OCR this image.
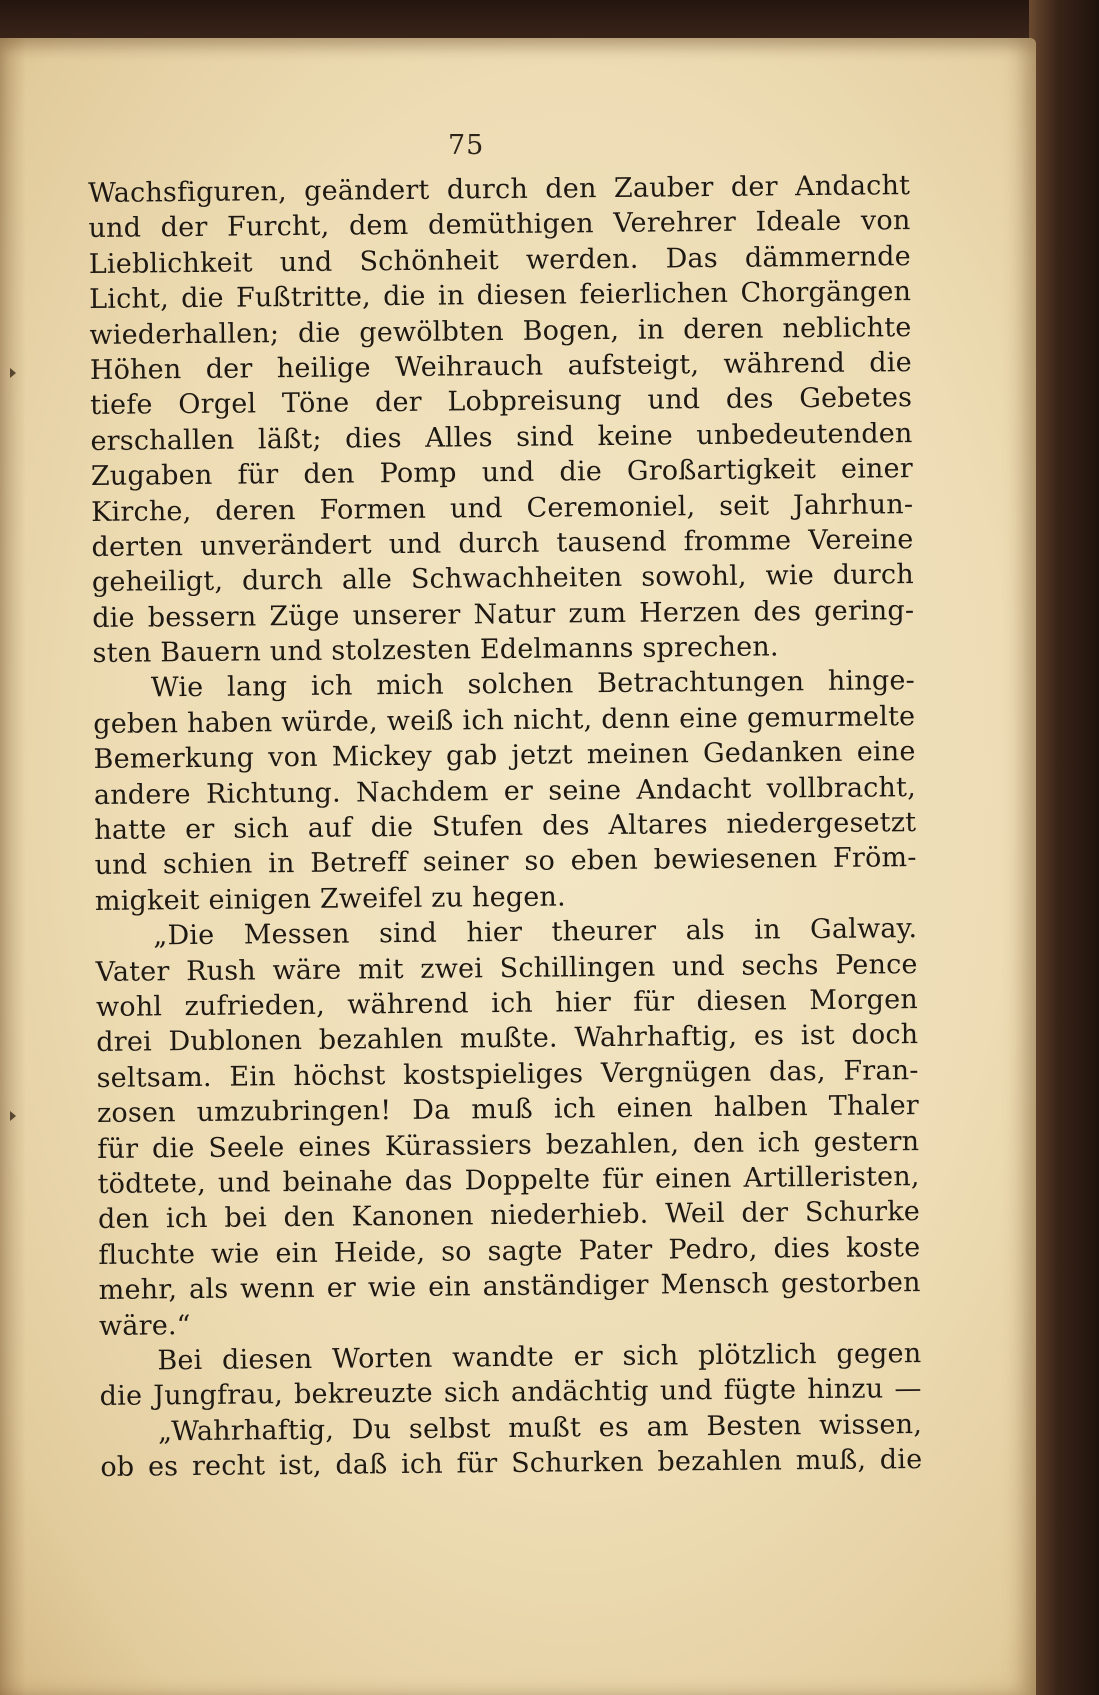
75
Wachsfiguren, geändert durch den Zauber der Andacht
und der Furcht, dem demüthigen Verehrer Ideale von
Lieblichkeit und Schönheit werden. Das dämmernde
Licht, die Fußtritte, die in diesen feierlichen Chorgängen
wiederhallen; die gewölbten Bogen, in deren neblichte
Höhen der heilige Weihrauch aufsteigt, während die
tiefe Orgel Töne der Lobpreisung und des Gebetes
erschallen läßt; dies Alles sind keine unbedeutenden
Zugaben für den Pomp und die Großartigkeit einer
Kirche, deren Formen und Ceremoniel, seit Jahrhun-
derten unverändert und durch tausend fromme Vereine
geheiligt, durch alle Schwachheiten sowohl, wie durch
die bessern Züge unserer Natur zum Herzen des gering-
sten Bauern und stolzesten Edelmanns sprechen.
Wie lang ich mich solchen Betrachtungen hinge-
geben haben würde, weiß ich nicht, denn eine gemurmelte
Bemerkung von Mickey gab jetzt meinen Gedanken eine
andere Richtung. Nachdem er seine Andacht vollbracht,
hatte er sich auf die Stufen des Altares niedergesetzt
und schien in Betreff seiner so eben bewiesenen Fröm-
migkeit einigen Zweifel zu hegen.
„Die Messen sind hier theurer als in Galway.
Vater Rush wäre mit zwei Schillingen und sechs Pence
wohl zufrieden, während ich hier für diesen Morgen
drei Dublonen bezahlen mußte. Wahrhaftig, es ist doch
seltsam. Ein höchst kostspieliges Vergnügen das, Fran-
zosen umzubringen! Da muß ich einen halben Thaler
für die Seele eines Kürassiers bezahlen, den ich gestern
tödtete, und beinahe das Doppelte für einen Artilleristen,
den ich bei den Kanonen niederhieb. Weil der Schurke
fluchte wie ein Heide, so sagte Pater Pedro, dies koste
mehr, als wenn er wie ein anständiger Mensch gestorben
wäre.“
Bei diesen Worten wandte er sich plötzlich gegen
die Jungfrau, bekreuzte sich andächtig und fügte hinzu —
„Wahrhaftig, Du selbst mußt es am Besten wissen,
ob es recht ist, daß ich für Schurken bezahlen muß, die
